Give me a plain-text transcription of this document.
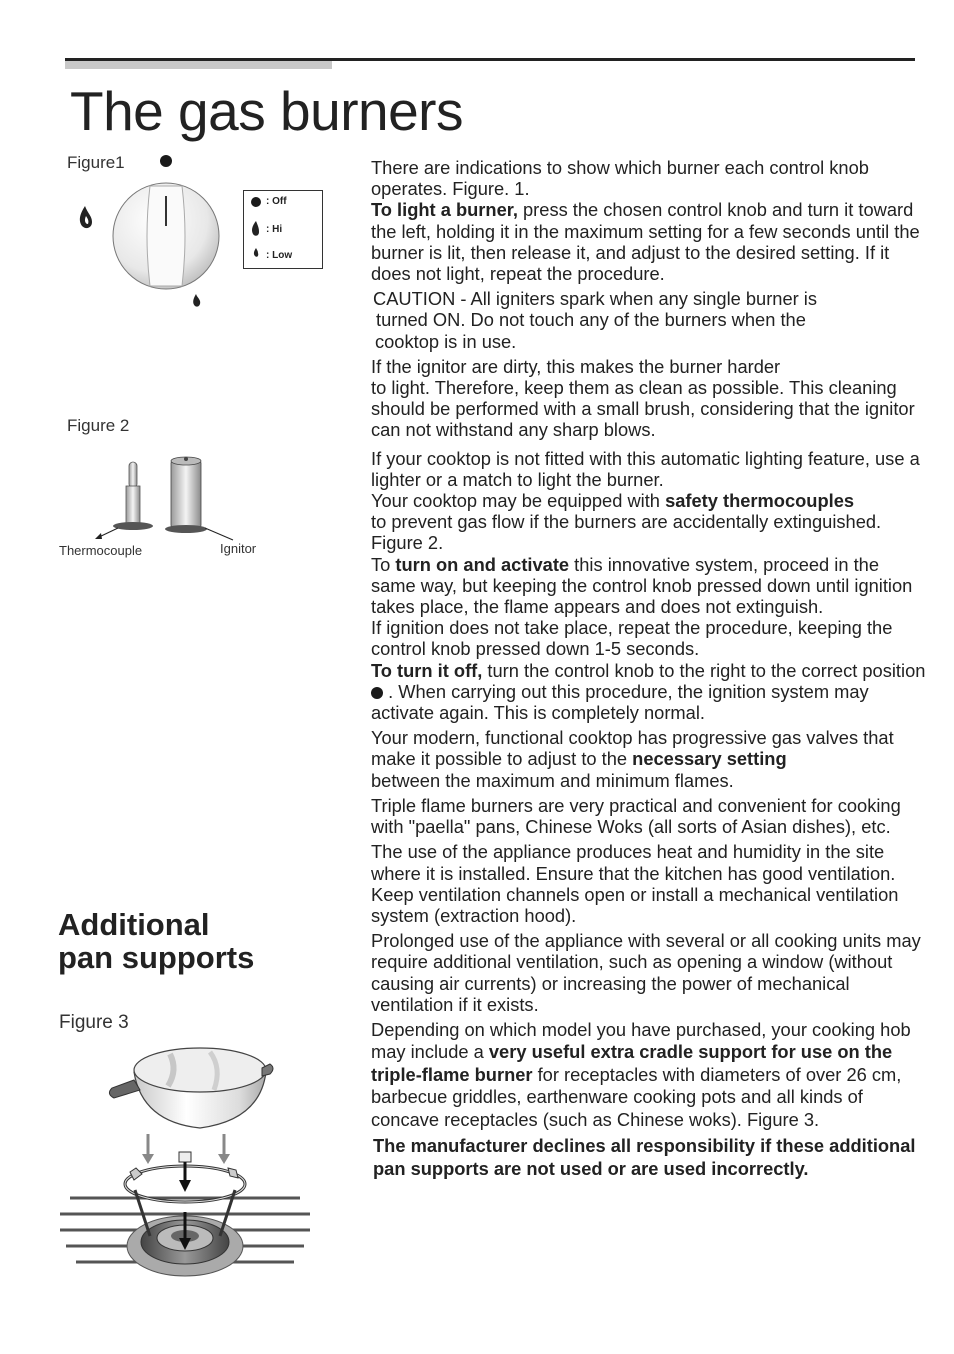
The gas burners
Figure1
: Off
: Hi
: Low
Figure 2
Thermocouple	Ignitor
Additional
pan supports
Figure 3

There are indications to show which burner each control knob operates. Figure. 1.

To light a burner, press the chosen control knob and turn it toward the left, holding it in the maximum setting for a few seconds until the burner is lit, then release it, and adjust to the desired setting. If it does not light, repeat the procedure.

CAUTION - All igniters spark when any single burner is
turned ON. Do not touch any of the burners when the
cooktop is in use.

If the ignitor are dirty, this makes the burner harder
to light. Therefore, keep them as clean as possible. This cleaning should be performed with a small brush, considering that the ignitor can not withstand any sharp blows.

If your cooktop is not fitted with this automatic lighting feature, use a lighter or a match to light the burner.

Your cooktop may be equipped with safety thermocouples
to prevent gas flow if the burners are accidentally extinguished. Figure 2.

To turn on and activate this innovative system, proceed in the same way, but keeping the control knob pressed down until ignition takes place, the flame appears and does not extinguish.

If ignition does not take place, repeat the procedure, keeping the control knob pressed down 1-5 seconds.

To turn it off, turn the control knob to the right to the correct position  . When carrying out this procedure, the ignition system may activate again. This is completely normal.

Your modern, functional cooktop has progressive gas valves that make it possible to adjust to the necessary setting
between the maximum and minimum flames.

Triple flame burners are very practical and convenient for cooking with "paella" pans, Chinese Woks (all sorts of Asian dishes), etc.

The use of the appliance produces heat and humidity in the site where it is installed. Ensure that the kitchen has good ventilation. Keep ventilation channels open or install a mechanical ventilation system (extraction hood).

Prolonged use of the appliance with several or all cooking units may require additional ventilation, such as opening a window (without causing air currents) or increasing the power of mechanical ventilation if it exists.

Depending on which model you have purchased, your cooking hob may include a very useful extra cradle support for use on the triple-flame burner for receptacles with diameters of over 26 cm, barbecue griddles, earthenware cooking pots and all kinds of concave receptacles (such as Chinese woks). Figure 3.

The manufacturer declines all responsibility if these additional pan supports are not used or are used incorrectly.
